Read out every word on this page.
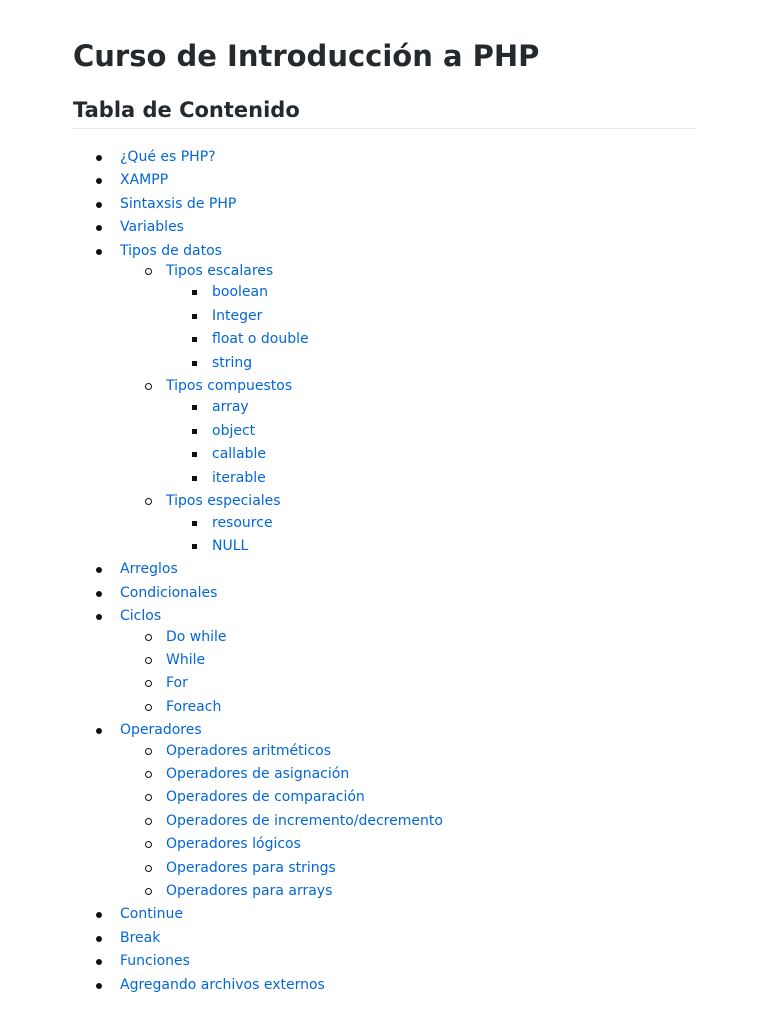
Curso de Introducción a PHP
Tabla de Contenido
¿Qué es PHP?
XAMPP
Sintaxsis de PHP
Variables
Tipos de datos
Tipos escalares
boolean
Integer
float o double
string
Tipos compuestos
array
object
callable
iterable
Tipos especiales
resource
NULL
Arreglos
Condicionales
Ciclos
Do while
While
For
Foreach
Operadores
Operadores aritméticos
Operadores de asignación
Operadores de comparación
Operadores de incremento/decremento
Operadores lógicos
Operadores para strings
Operadores para arrays
Continue
Break
Funciones
Agregando archivos externos
